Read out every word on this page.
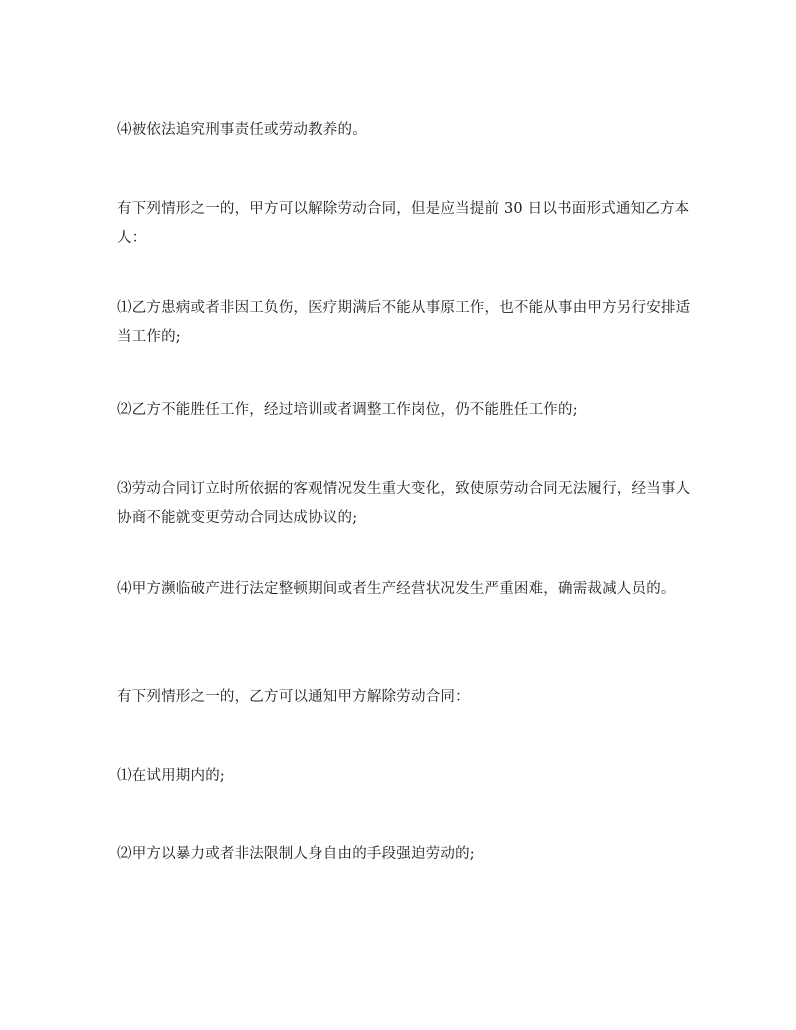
⑷被依法追究刑事责任或劳动教养的。

有下列情形之一的，甲方可以解除劳动合同，但是应当提前 30 日以书面形式通知乙方本人：

⑴乙方患病或者非因工负伤，医疗期满后不能从事原工作，也不能从事由甲方另行安排适当工作的;

⑵乙方不能胜任工作，经过培训或者调整工作岗位，仍不能胜任工作的;

⑶劳动合同订立时所依据的客观情况发生重大变化，致使原劳动合同无法履行，经当事人协商不能就变更劳动合同达成协议的;

⑷甲方濒临破产进行法定整顿期间或者生产经营状况发生严重困难，确需裁减人员的。

有下列情形之一的，乙方可以通知甲方解除劳动合同：

⑴在试用期内的;

⑵甲方以暴力或者非法限制人身自由的手段强迫劳动的;
